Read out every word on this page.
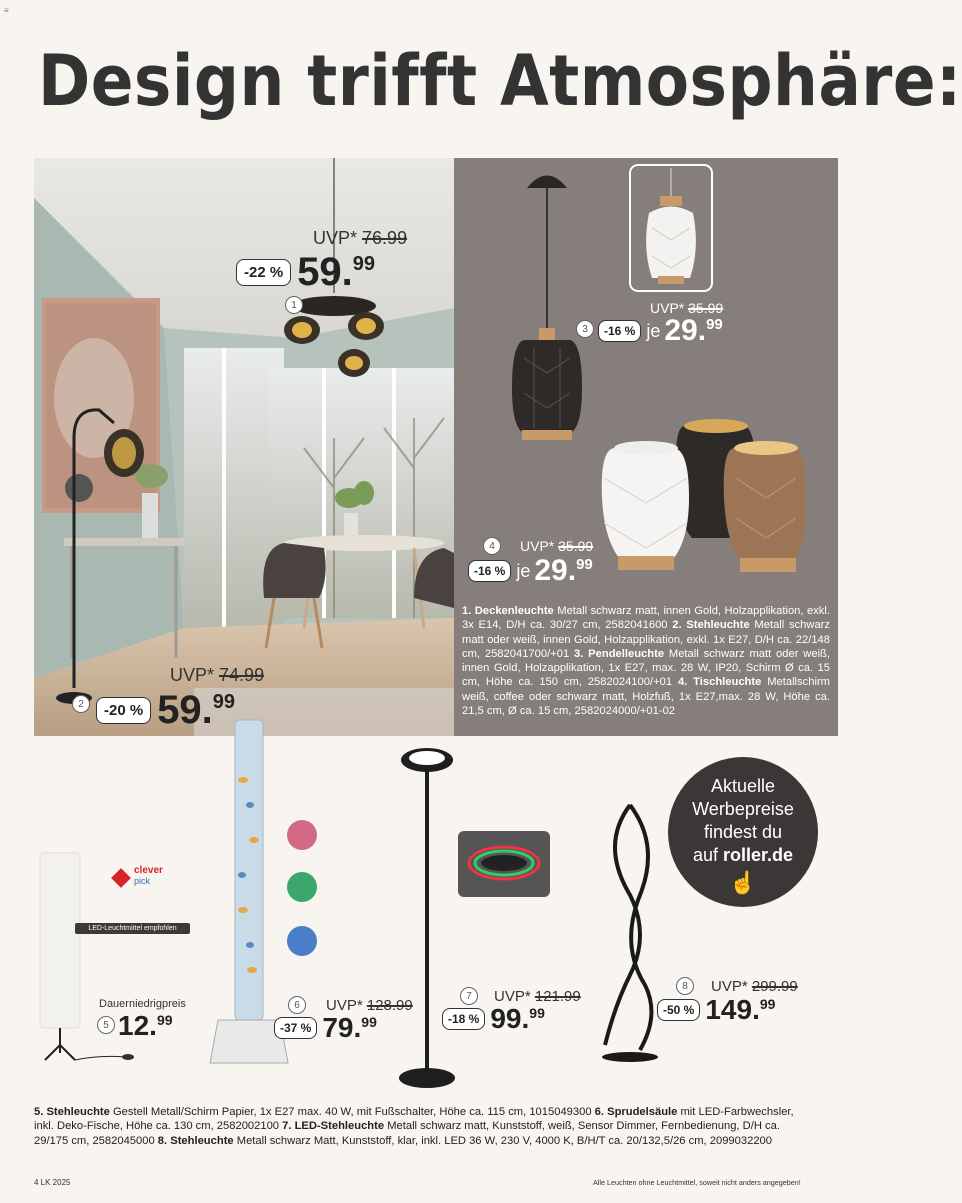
≡
Design trifft Atmosphäre:
UVP* 76.99
-22 % 59.99
1
UVP* 74.99
2	-20 % 59.99
UVP* 35.99
3	-16 % je 29.99
4	UVP* 35.99
-16 % je 29.99
1. Deckenleuchte Metall schwarz matt, innen Gold, Holzapplikation, exkl. 3x E14, D/H ca. 30/27 cm, 2582041600 2. Stehleuchte Metall schwarz matt oder weiß, innen Gold, Holzapplikation, exkl. 1x E27, D/H ca. 22/148 cm, 2582041700/+01 3. Pendelleuchte Metall schwarz matt oder weiß, innen Gold, Holzapplikation, 1x E27, max. 28 W, IP20, Schirm Ø ca. 15 cm, Höhe ca. 150 cm, 2582024100/+01 4. Tischleuchte Metallschirm weiß, coffee oder schwarz matt, Holzfuß, 1x E27,max. 28 W, Höhe ca. 21,5 cm, Ø ca. 15 cm, 2582024000/+01-02
clever
pick
LED-Leuchtmittel empfohlen
Dauerniedrigpreis
5 12.99
6	UVP* 128.99
-37 % 79.99
7	UVP* 121.99
-18 % 99.99
8	UVP* 299.99
-50 % 149.99
Aktuelle
Werbepreise
findest du
auf roller.de
☝
5. Stehleuchte Gestell Metall/Schirm Papier, 1x E27 max. 40 W, mit Fußschalter, Höhe ca. 115 cm, 1015049300 6. Sprudelsäule mit LED-Farbwechsler, inkl. Deko-Fische, Höhe ca. 130 cm, 2582002100 7. LED-Stehleuchte Metall schwarz matt, Kunststoff, weiß, Sensor Dimmer, Fernbedienung, D/H ca. 29/175 cm, 2582045000 8. Stehleuchte Metall schwarz Matt, Kunststoff, klar, inkl. LED 36 W, 230 V, 4000 K, B/H/T ca. 20/132,5/26 cm, 2099032200
4 LK 2025	Alle Leuchten ohne Leuchtmittel, soweit nicht anders angegeben!
